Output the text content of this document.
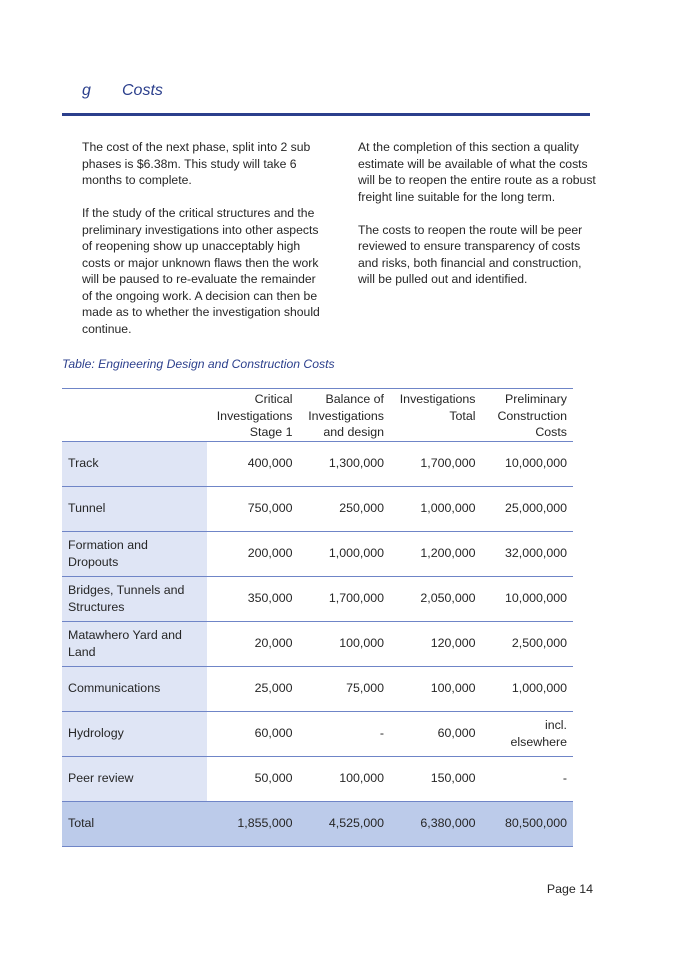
g Costs

The cost of the next phase, split into 2 sub phases is $6.38m. This study will take 6 months to complete.

If the study of the critical structures and the preliminary investigations into other aspects of reopening show up unacceptably high costs or major unknown flaws then the work will be paused to re-evaluate the remainder of the ongoing work. A decision can then be made as to whether the investigation should continue.

At the completion of this section a quality estimate will be available of what the costs will be to reopen the entire route as a robust freight line suitable for the long term.

The costs to reopen the route will be peer reviewed to ensure transparency of costs and risks, both financial and construction, will be pulled out and identified.

Table: Engineering Design and Construction Costs
	Critical Investigations Stage 1	Balance of Investigations and design	Investigations Total	Preliminary Construction Costs
Track	400,000	1,300,000	1,700,000	10,000,000
Tunnel	750,000	250,000	1,000,000	25,000,000
Formation and Dropouts	200,000	1,000,000	1,200,000	32,000,000
Bridges, Tunnels and Structures	350,000	1,700,000	2,050,000	10,000,000
Matawhero Yard and Land	20,000	100,000	120,000	2,500,000
Communications	25,000	75,000	100,000	1,000,000
Hydrology	60,000	-	60,000	incl. elsewhere
Peer review	50,000	100,000	150,000	-
Total	1,855,000	4,525,000	6,380,000	80,500,000
Page 14
